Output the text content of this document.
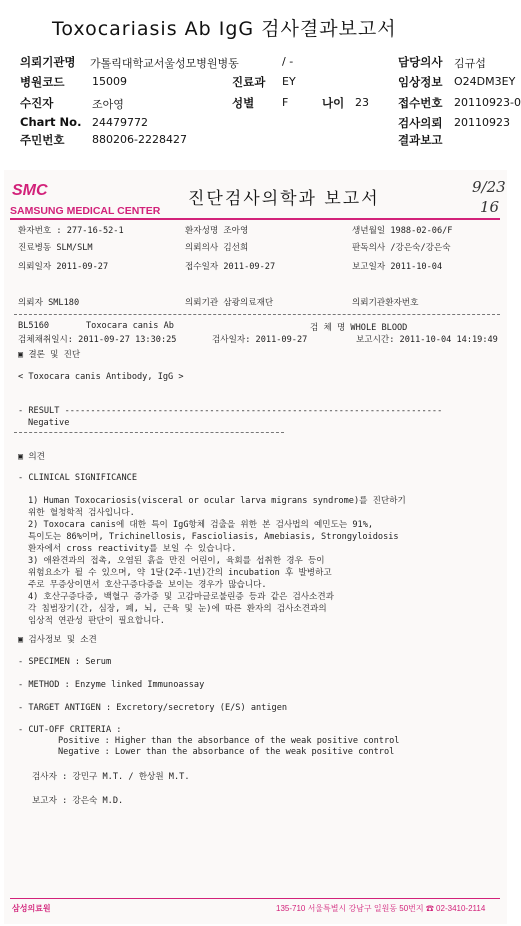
Toxocariasis Ab IgG 검사결과보고서
의뢰기관명 가톨릭대학교서울성모병원병동	/ -	담당의사 김규섭
병원코드	15009	진료과 EY	임상정보 O24DM3EY
수진자	조아영	성별	F	나이 23	접수번호 20110923-0
Chart No. 24479772	검사의뢰 20110923
주민번호	880206-2228427	결과보고
SMC
SAMSUNG MEDICAL CENTER
진단검사의학과 보고서
9/23
16
환자번호 : 277-16-52-1	환자성명 조아영	생년월일 1988-02-06/F
진료병동 SLM/SLM	의뢰의사 김선희	판독의사 /강은숙/강은숙
의뢰일자 2011-09-27	접수일자 2011-09-27	보고일자 2011-10-04
의뢰자 SML180	의뢰기관 삼광의료재단	의뢰기관환자번호
BL5160	Toxocara canis Ab	검 체 명 WHOLE BLOOD
검체채취일시: 2011-09-27 13:30:25	검사일자: 2011-09-27	보고시간: 2011-10-04 14:19:49
▣ 결론 및 진단
< Toxocara canis Antibody, IgG >
- RESULT -------------------------------------------------------------------------
Negative
▣ 의견
- CLINICAL SIGNIFICANCE
1) Human Toxocariosis(visceral or ocular larva migrans syndrome)를 진단하기
위한 혈청학적 검사입니다.
2) Toxocara canis에 대한 특이 IgG항체 검출을 위한 본 검사법의 예민도는 91%,
특이도는 86%이며, Trichinellosis, Fascioliasis, Amebiasis, Strongyloidosis
환자에서 cross reactivity를 보일 수 있습니다.
3) 애완견과의 접촉, 오염된 흙을 만진 어린이, 육회를 섭취한 경우 등이
위험요소가 될 수 있으며, 약 1달(2주-1년)간의 incubation 후 발병하고
주로 무증상이면서 호산구증다증을 보이는 경우가 많습니다.
4) 호산구증다증, 백혈구 증가증 및 고감마글로불린증 등과 같은 검사소견과
각 침범장기(간, 심장, 폐, 뇌, 근육 및 눈)에 따른 환자의 검사소견과의
임상적 연관성 판단이 필요합니다.
▣ 검사정보 및 소견
- SPECIMEN : Serum
- METHOD : Enzyme linked Immunoassay
- TARGET ANTIGEN : Excretory/secretory (E/S) antigen
- CUT-OFF CRITERIA :
Positive : Higher than the absorbance of the weak positive control
Negative : Lower than the absorbance of the weak positive control
검사자 : 강민구 M.T. / 한상원 M.T.
보고자 : 강은숙 M.D.
삼성의료원	135-710 서울특별시 강남구 일원동 50번지 ☎ 02-3410-2114
